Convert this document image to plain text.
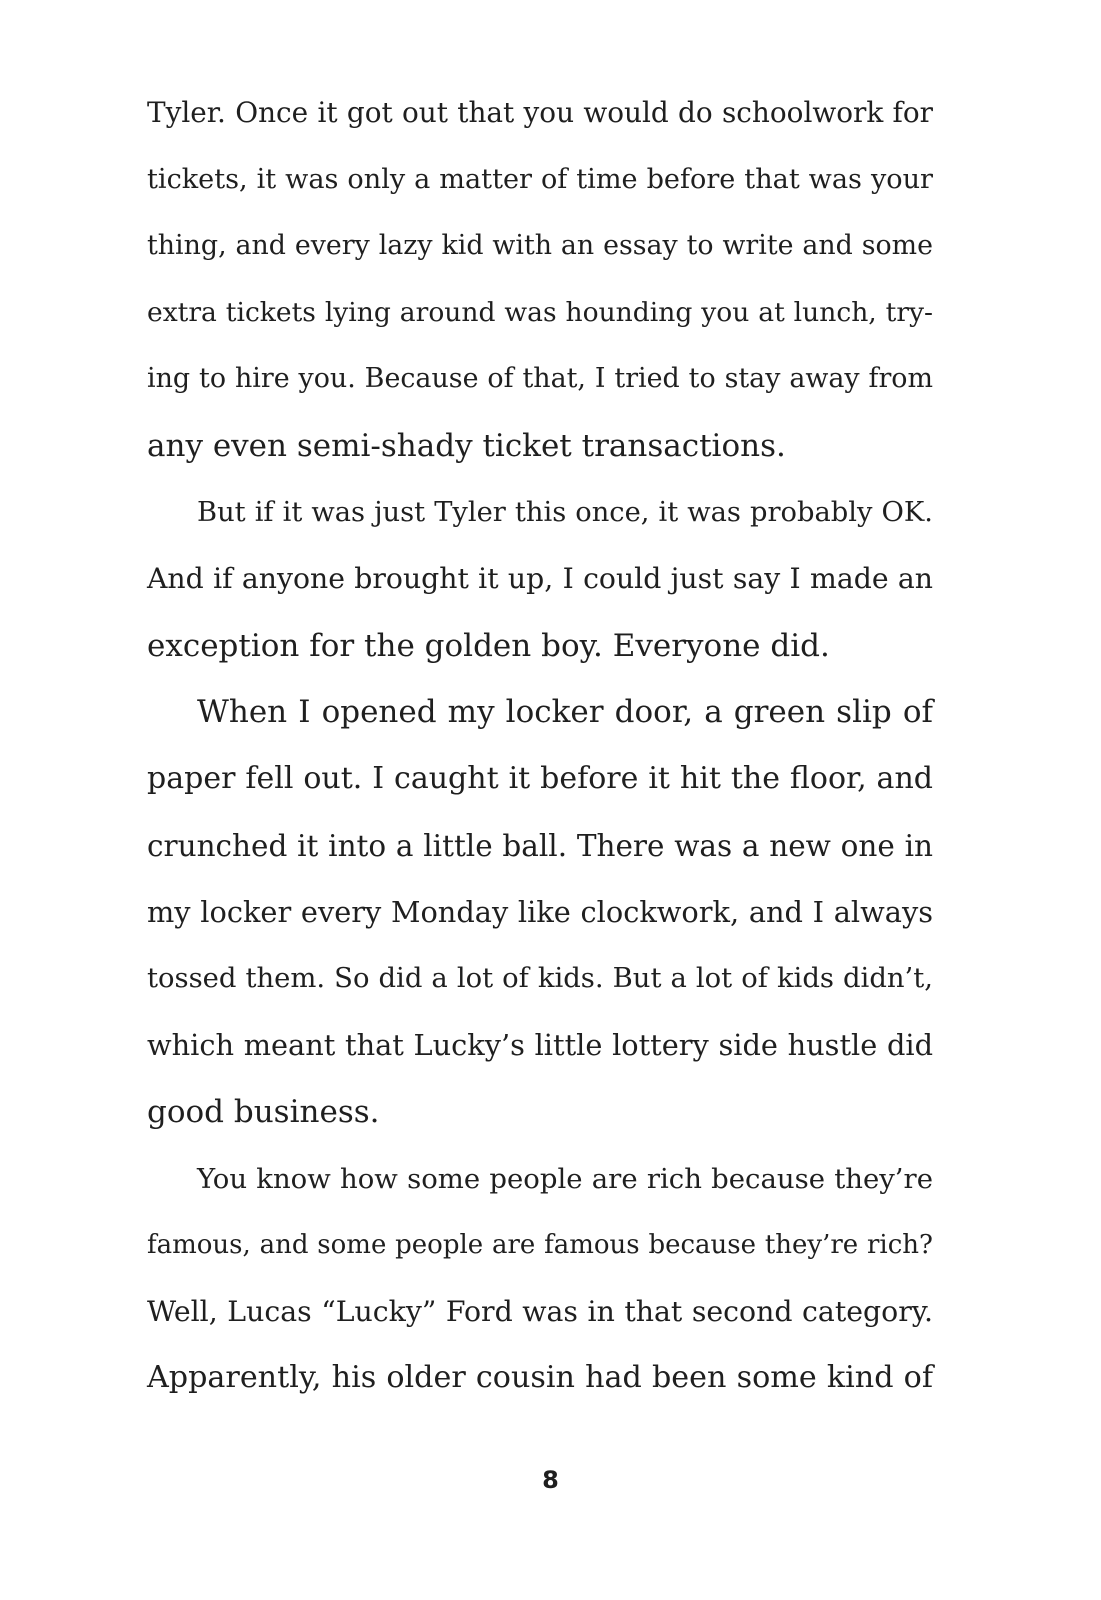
Tyler. Once it got out that you would do schoolwork for
tickets, it was only a matter of time before that was your
thing, and every lazy kid with an essay to write and some
extra tickets lying around was hounding you at lunch, try-
ing to hire you. Because of that, I tried to stay away from
any even semi-shady ticket transactions.
But if it was just Tyler this once, it was probably OK.
And if anyone brought it up, I could just say I made an
exception for the golden boy. Everyone did.
When I opened my locker door, a green slip of
paper fell out. I caught it before it hit the floor, and
crunched it into a little ball. There was a new one in
my locker every Monday like clockwork, and I always
tossed them. So did a lot of kids. But a lot of kids didn’t,
which meant that Lucky’s little lottery side hustle did
good business.
You know how some people are rich because they’re
famous, and some people are famous because they’re rich?
Well, Lucas “Lucky” Ford was in that second category.
Apparently, his older cousin had been some kind of
8
